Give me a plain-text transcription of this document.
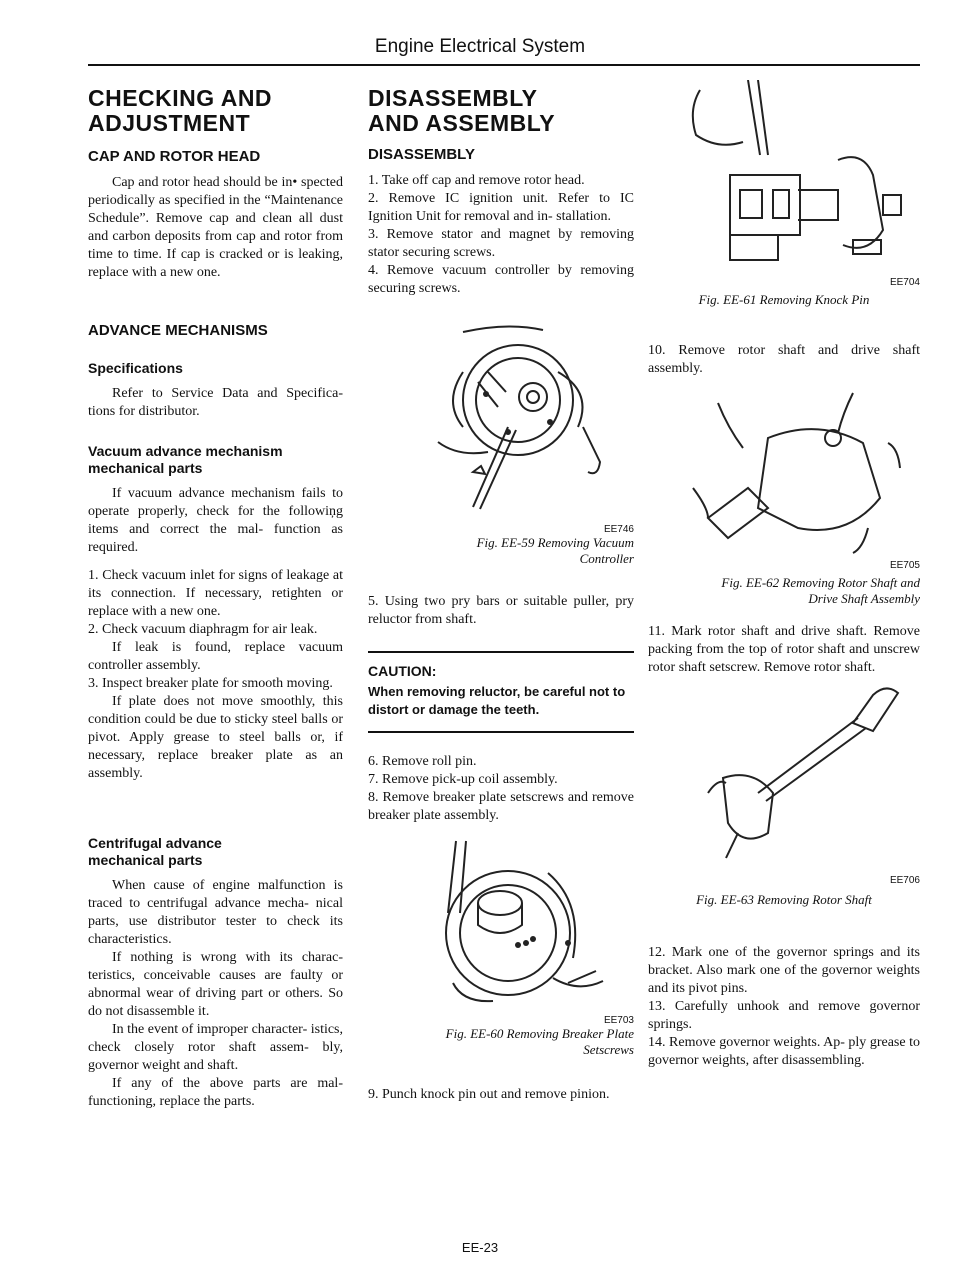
Engine Electrical System
CHECKING AND
ADJUSTMENT
CAP AND ROTOR HEAD

Cap and rotor head should be in• spected periodically as specified in the “Maintenance Schedule”. Remove cap and clean all dust and carbon deposits from cap and rotor from time to time. If cap is cracked or is leaking, replace with a new one.

ADVANCE MECHANISMS
Specifications

Refer to Service Data and Specifica- tions for distributor.

Vacuum advance mechanism
mechanical parts

If vacuum advance mechanism fails to operate properly, check for the followiņg items and correct the mal- function as required.

1. Check vacuum inlet for signs of leakage at its connection. If necessary, retighten or replace with a new one.

2. Check vacuum diaphragm for air leak.

If leak is found, replace vacuum controller assembly.

3. Inspect breaker plate for smooth moving.

If plate does not move smoothly, this condition could be due to sticky steel balls or pivot. Apply grease to steel balls or, if necessary, replace breaker plate as an assembly.

Centrifugal advance
mechanical parts

When cause of engine malfunction is traced to centrifugal advance mecha- nical parts, use distributor tester to check its characteristics.

If nothing is wrong with its charac- teristics, conceivable causes are faulty or abnormal wear of driving part or others. So do not disassemble it.

In the event of improper character- istics, check closely rotor shaft assem- bly, governor weight and shaft.

If any of the above parts are mal- functioning, replace the parts.

DISASSEMBLY
AND ASSEMBLY
DISASSEMBLY

1. Take off cap and remove rotor head.

2. Remove IC ignition unit. Refer to IC Ignition Unit for removal and in- stallation.

3. Remove stator and magnet by removing stator securing screws.

4. Remove vacuum controller by removing securing screws.

EE746
Fig. EE-59 Removing Vacuum
Controller

5. Using two pry bars or suitable puller, pry reluctor from shaft.

CAUTION:
When removing reluctor, be careful not to distort or damage the teeth.

6. Remove roll pin.

7. Remove pick-up coil assembly.

8. Remove breaker plate setscrews and remove breaker plate assembly.

EE703
Fig. EE-60 Removing Breaker Plate
Setscrews

9. Punch knock pin out and remove pinion.

EE704
Fig. EE-61 Removing Knock Pin

10. Remove rotor shaft and drive shaft assembly.

EE705
Fig. EE-62 Removing Rotor Shaft and
Drive Shaft Assembly

11. Mark rotor shaft and drive shaft. Remove packing from the top of rotor shaft and unscrew rotor shaft setscrew. Remove rotor shaft.

EE706
Fig. EE-63 Removing Rotor Shaft

12. Mark one of the governor springs and its bracket. Also mark one of the governor weights and its pivot pins.

13. Carefully unhook and remove governor springs.

14. Remove governor weights. Ap- ply grease to governor weights, after disassembling.

EE-23
